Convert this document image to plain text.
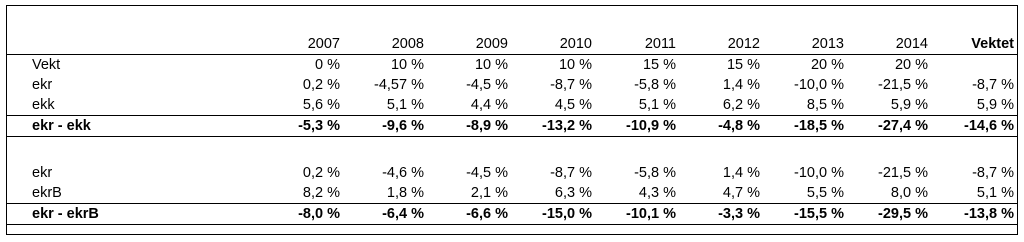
	2007	2008	2009	2010	2011	2012	2013	2014	Vektet
Vekt	0 %	10 %	10 %	10 %	15 %	15 %	20 %	20 %	
ekr	0,2 %	-4,57 %	-4,5 %	-8,7 %	-5,8 %	1,4 %	-10,0 %	-21,5 %	-8,7 %
ekk	5,6 %	5,1 %	4,4 %	4,5 %	5,1 %	6,2 %	8,5 %	5,9 %	5,9 %
ekr - ekk	-5,3 %	-9,6 %	-8,9 %	-13,2 %	-10,9 %	-4,8 %	-18,5 %	-27,4 %	-14,6 %

ekr	0,2 %	-4,6 %	-4,5 %	-8,7 %	-5,8 %	1,4 %	-10,0 %	-21,5 %	-8,7 %
ekrB	8,2 %	1,8 %	2,1 %	6,3 %	4,3 %	4,7 %	5,5 %	8,0 %	5,1 %
ekr - ekrB	-8,0 %	-6,4 %	-6,6 %	-15,0 %	-10,1 %	-3,3 %	-15,5 %	-29,5 %	-13,8 %
